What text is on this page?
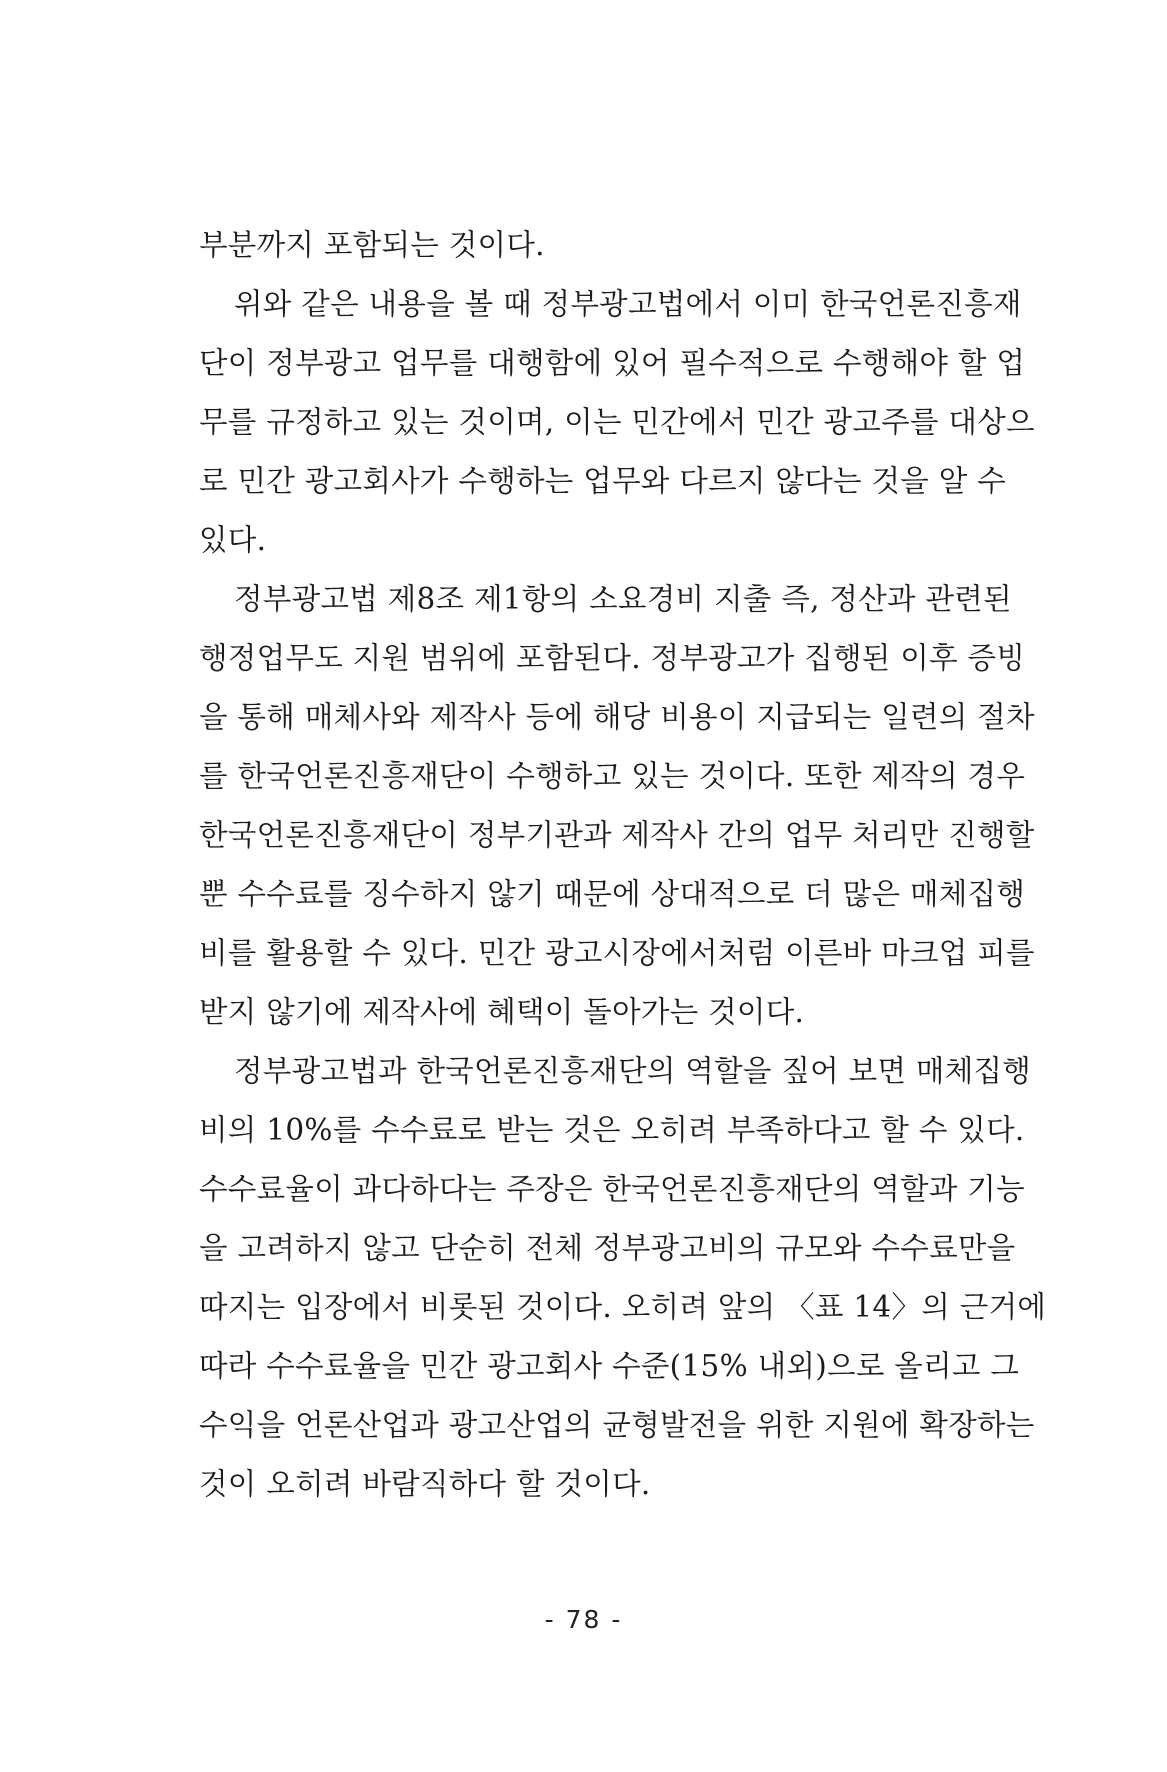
부분까지 포함되는 것이다.
위와 같은 내용을 볼 때 정부광고법에서 이미 한국언론진흥재
단이 정부광고 업무를 대행함에 있어 필수적으로 수행해야 할 업
무를 규정하고 있는 것이며, 이는 민간에서 민간 광고주를 대상으
로 민간 광고회사가 수행하는 업무와 다르지 않다는 것을 알 수
있다.
정부광고법 제8조 제1항의 소요경비 지출 즉, 정산과 관련된
행정업무도 지원 범위에 포함된다. 정부광고가 집행된 이후 증빙
을 통해 매체사와 제작사 등에 해당 비용이 지급되는 일련의 절차
를 한국언론진흥재단이 수행하고 있는 것이다. 또한 제작의 경우
한국언론진흥재단이 정부기관과 제작사 간의 업무 처리만 진행할
뿐 수수료를 징수하지 않기 때문에 상대적으로 더 많은 매체집행
비를 활용할 수 있다. 민간 광고시장에서처럼 이른바 마크업 피를
받지 않기에 제작사에 혜택이 돌아가는 것이다.
정부광고법과 한국언론진흥재단의 역할을 짚어 보면 매체집행
비의 10%를 수수료로 받는 것은 오히려 부족하다고 할 수 있다.
수수료율이 과다하다는 주장은 한국언론진흥재단의 역할과 기능
을 고려하지 않고 단순히 전체 정부광고비의 규모와 수수료만을
따지는 입장에서 비롯된 것이다. 오히려 앞의 〈표 14〉의 근거에
따라 수수료율을 민간 광고회사 수준(15% 내외)으로 올리고 그
수익을 언론산업과 광고산업의 균형발전을 위한 지원에 확장하는
것이 오히려 바람직하다 할 것이다.
- 78 -
